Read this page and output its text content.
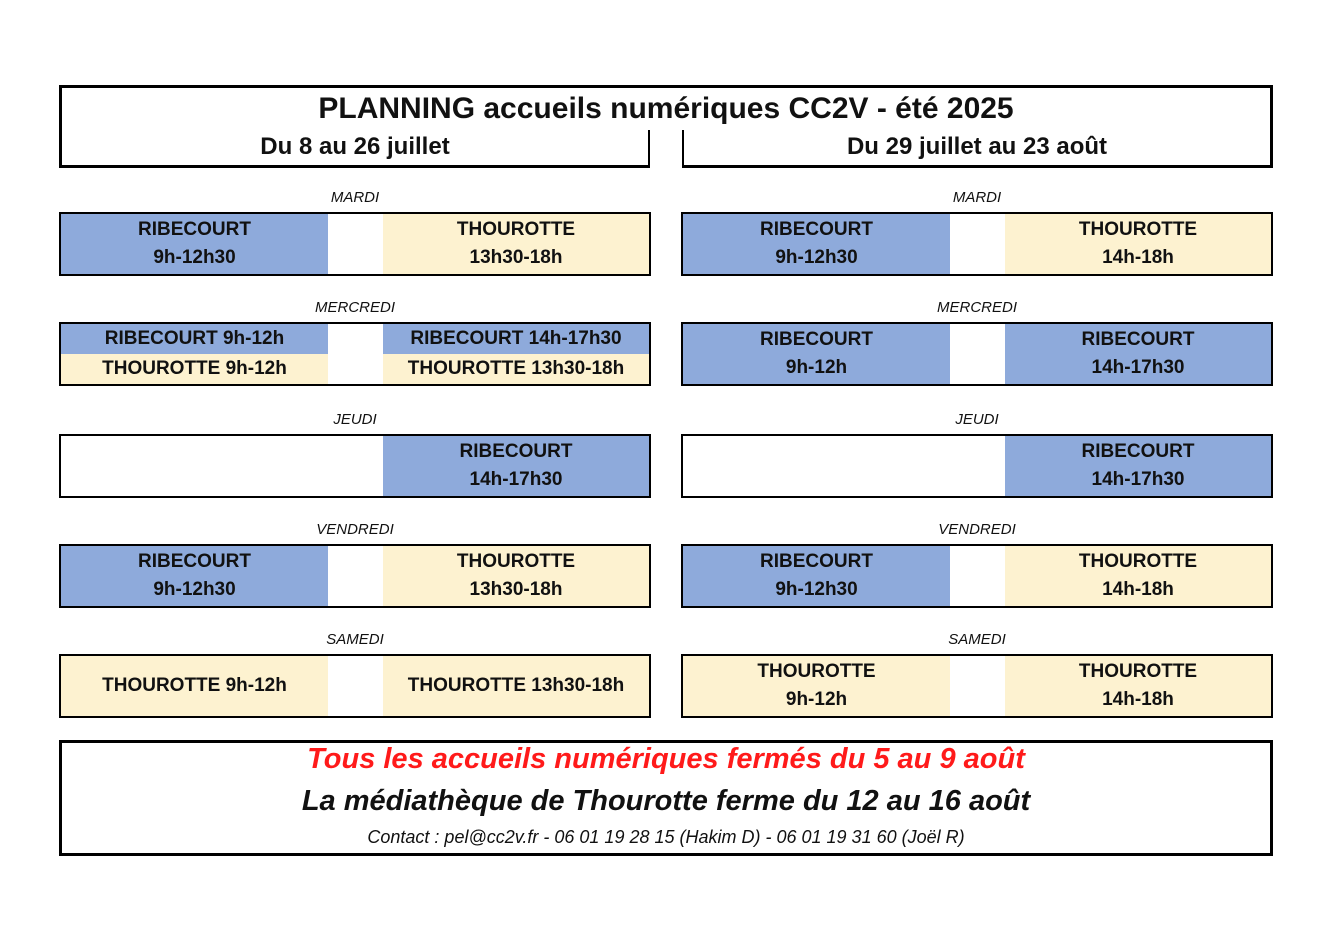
PLANNING accueils numériques CC2V - été 2025
Du 8 au 26 juillet	Du 29 juillet au 23 août
MARDI
RIBECOURT
9h-12h30
THOUROTTE
13h30-18h
MERCREDI
RIBECOURT 9h-12h
THOUROTTE 9h-12h
RIBECOURT 14h-17h30
THOUROTTE 13h30-18h
JEUDI
RIBECOURT
14h-17h30
VENDREDI
RIBECOURT
9h-12h30
THOUROTTE
13h30-18h
SAMEDI
THOUROTTE 9h-12h	THOUROTTE 13h30-18h
MARDI
RIBECOURT
9h-12h30
THOUROTTE
14h-18h
MERCREDI
RIBECOURT
9h-12h
RIBECOURT
14h-17h30
JEUDI
RIBECOURT
14h-17h30
VENDREDI
RIBECOURT
9h-12h30
THOUROTTE
14h-18h
SAMEDI
THOUROTTE
9h-12h
THOUROTTE
14h-18h
Tous les accueils numériques fermés du 5 au 9 août
La médiathèque de Thourotte ferme du 12 au 16 août
Contact : pel@cc2v.fr - 06 01 19 28 15 (Hakim D) - 06 01 19 31 60 (Joël R)
